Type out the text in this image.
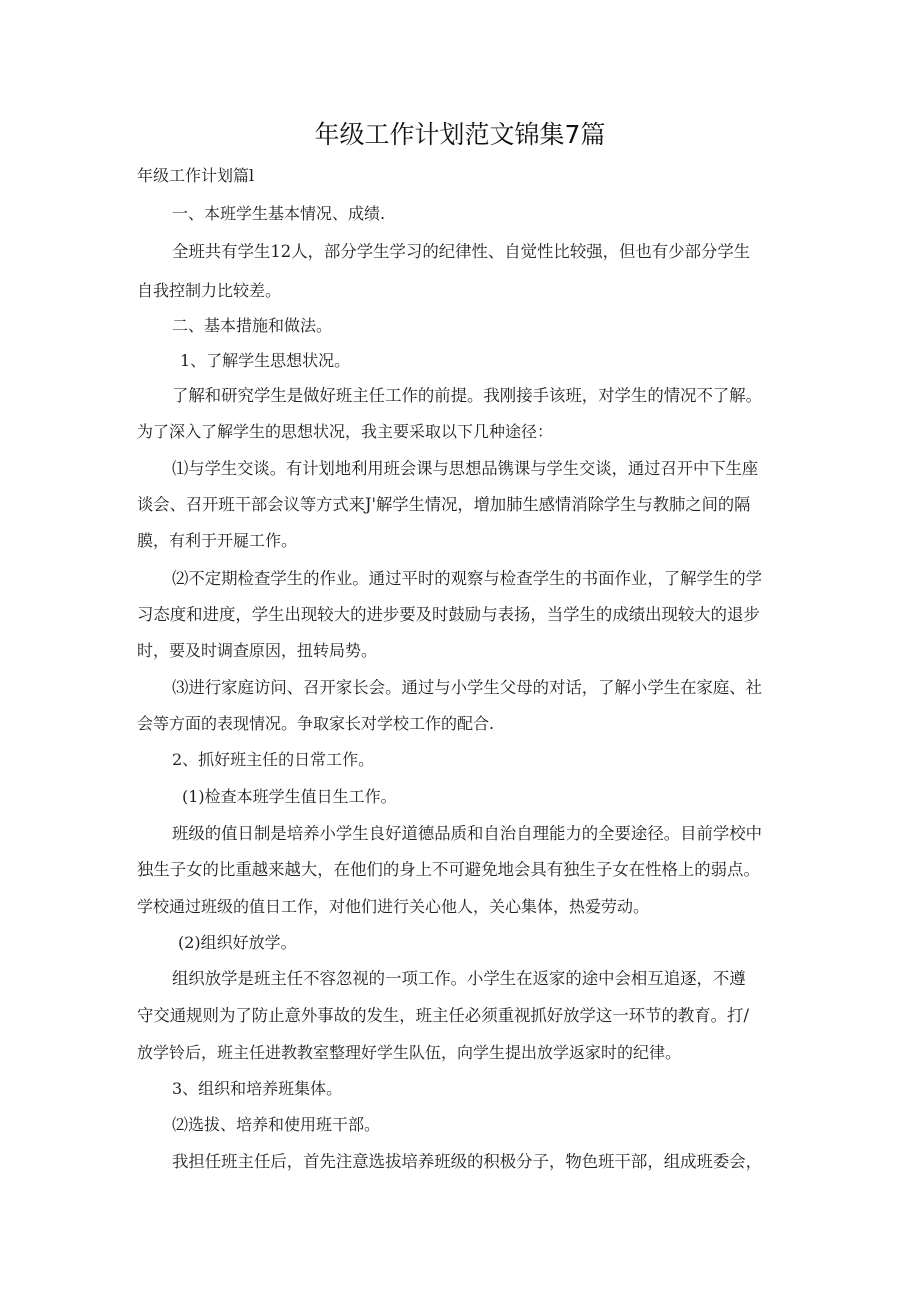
年级工作计划范文锦集7篇
年级工作计划篇l
一、本班学生基本情况、成绩.
全班共有学生12人，部分学生学习的纪律性、自觉性比较强，但也有少部分学生
自我控制力比较差。
二、基本措施和做法。
1、了解学生思想状况。
了解和研究学生是做好班主任工作的前提。我刚接手该班，对学生的情况不了解。
为了深入了解学生的思想状况，我主要采取以下几种途径：
⑴与学生交谈。有计划地利用班会课与思想品镌课与学生交谈，通过召开中下生座
谈会、召开班干部会议等方式来J'解学生情况，增加肺生感情消除学生与教肺之间的隔
膜，有利于开屣工作。
⑵不定期检查学生的作业。通过平时的观察与检查学生的书面作业，了解学生的学
习态度和进度，学生出现较大的进步要及时鼓励与表扬，当学生的成绩出现较大的退步
时，要及时调查原因，扭转局势。
⑶进行家庭访问、召开家长会。通过与小学生父母的对话，了解小学生在家庭、社
会等方面的表现情况。争取家长对学校工作的配合.
2、抓好班主任的日常工作。
(1)检查本班学生值日生工作。
班级的值日制是培养小学生良好道德品质和自治自理能力的全要途径。目前学校中
独生子女的比重越来越大，在他们的身上不可避免地会具有独生子女在性格上的弱点。
学校通过班级的值日工作，对他们进行关心他人，关心集体，热爱劳动。
(2)组织好放学。
组织放学是班主任不容忽视的一项工作。小学生在返家的途中会相互追逐，不遵
守交通规则为了防止意外事故的发生，班主任必须重视抓好放学这一环节的教育。打/
放学铃后，班主任进教教室整理好学生队伍，向学生提出放学返家时的纪律。
3、组织和培养班集体。
⑵选拔、培养和使用班干部。
我担任班主任后，首先注意选拔培养班级的积极分子，物色班干部，组成班委会，
